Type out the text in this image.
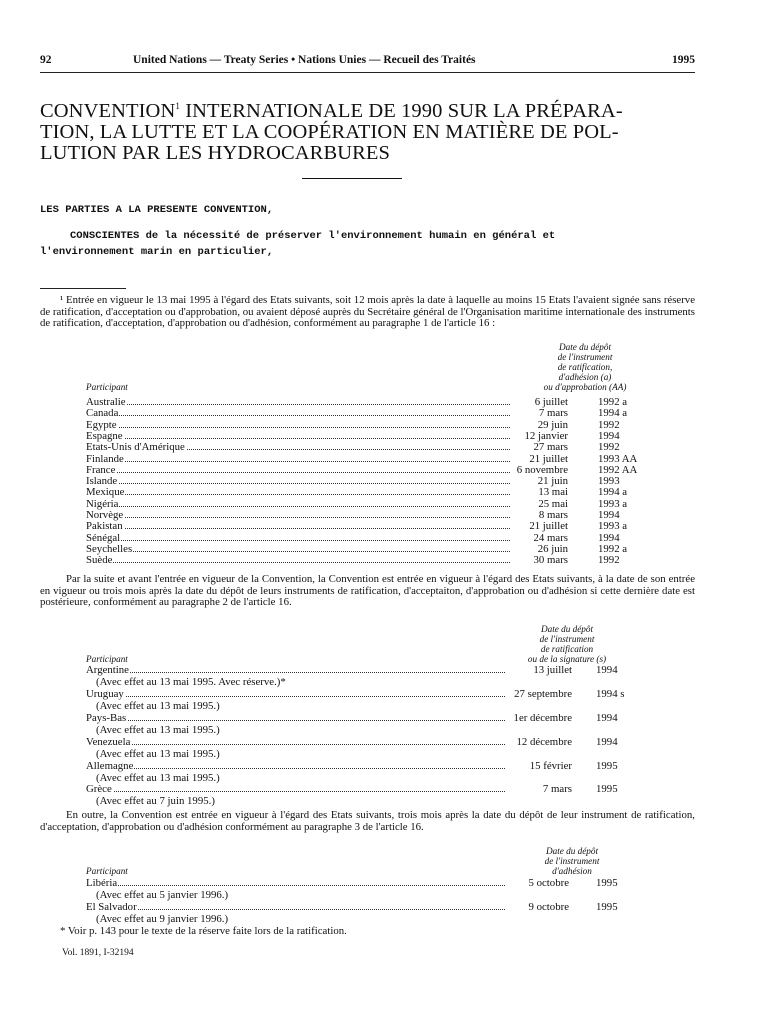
92	United Nations — Treaty Series • Nations Unies — Recueil des Traités	1995
CONVENTION$^1$ INTERNATIONALE DE 1990 SUR LA PRÉPARA-
TION, LA LUTTE ET LA COOPÉRATION EN MATIÈRE DE POL-
LUTION PAR LES HYDROCARBURES
LES PARTIES A LA PRESENTE CONVENTION,
CONSCIENTES de la nécessité de préserver l'environnement humain en général et l'environnement marin en particulier,
¹ Entrée en vigueur le 13 mai 1995 à l'égard des Etats suivants, soit 12 mois après la date à laquelle au moins 15 Etats l'avaient signée sans réserve de ratification, d'acceptation ou d'approbation, ou avaient déposé auprès du Secrétaire général de l'Organisation maritime internationale des instruments de ratification, d'acceptation, d'approbation ou d'adhésion, conformément au paragraphe 1 de l'article 16 :
Date du dépôt
de l'instrument
de ratification,
d'adhésion (a)
ou d'approbation (AA)
Participant
Australie	6 juillet	1992 a
Canada	7 mars	1994 a
Egypte	29 juin	1992
Espagne	12 janvier	1994
Etats-Unis d'Amérique	27 mars	1992
Finlande	21 juillet	1993 AA
France	6 novembre	1992 AA
Islande	21 juin	1993
Mexique	13 mai	1994 a
Nigéria	25 mai	1993 a
Norvège	8 mars	1994
Pakistan	21 juillet	1993 a
Sénégal	24 mars	1994
Seychelles	26 juin	1992 a
Suède	30 mars	1992
Par la suite et avant l'entrée en vigueur de la Convention, la Convention est entrée en vigueur à l'égard des Etats suivants, à la date de son entrée en vigueur ou trois mois après la date du dépôt de leurs instruments de ratification, d'acceptaiton, d'approbation ou d'adhésion si cette dernière date est postérieure, conformément au paragraphe 2 de l'article 16.
Date du dépôt
de l'instrument
de ratification
ou de la signature (s)
Participant
Argentine	13 juillet 1994
(Avec effet au 13 mai 1995. Avec réserve.)*
Uruguay	27 septembre 1994 s
(Avec effet au 13 mai 1995.)
Pays-Bas	1er décembre 1994
(Avec effet au 13 mai 1995.)
Venezuela	12 décembre 1994
(Avec effet au 13 mai 1995.)
Allemagne	15 février 1995
(Avec effet au 13 mai 1995.)
Grèce	7 mars 1995
(Avec effet au 7 juin 1995.)
En outre, la Convention est entrée en vigueur à l'égard des Etats suivants, trois mois après la date du dépôt de leur instrument de ratification, d'acceptation, d'approbation ou d'adhésion conformément au paragraphe 3 de l'article 16.
Date du dépôt
de l'instrument
d'adhésion
Participant
Libéria	5 octobre	1995
(Avec effet au 5 janvier 1996.)
El Salvador	9 octobre	1995
(Avec effet au 9 janvier 1996.)
* Voir p. 143 pour le texte de la réserve faite lors de la ratification.
Vol. 1891, I-32194
